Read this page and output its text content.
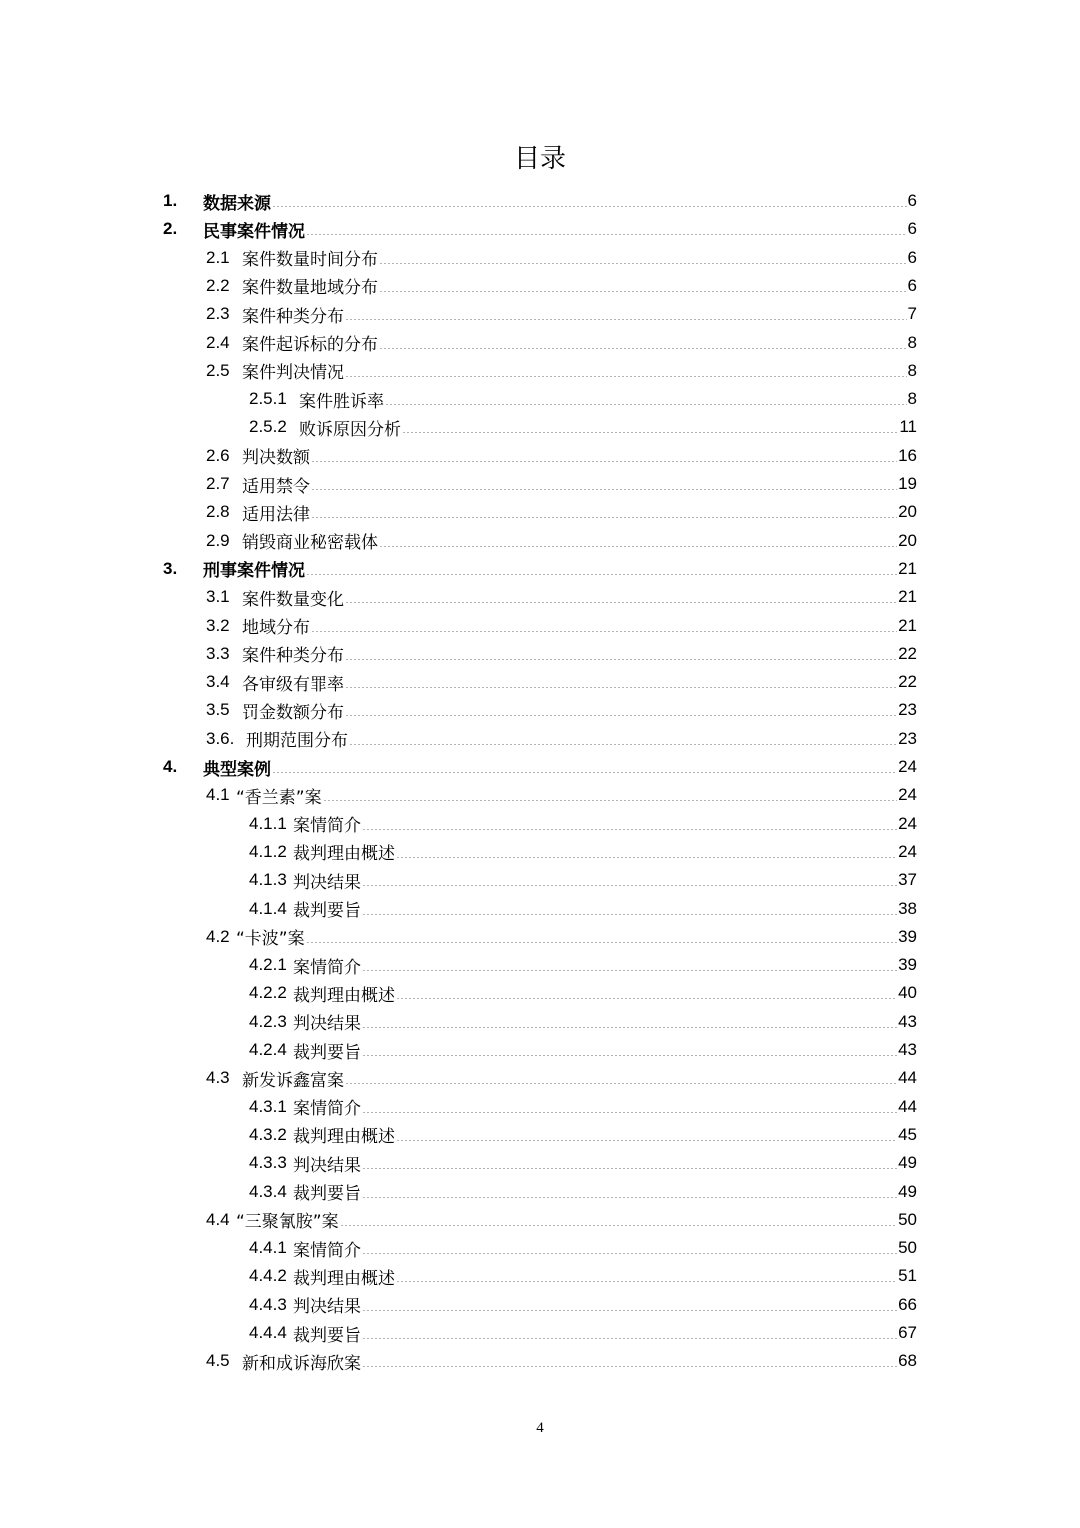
目录
1.	数据来源	6
2.	民事案件情况	6
2.1 案件数量时间分布	6
2.2 案件数量地域分布	6
2.3 案件种类分布	7
2.4 案件起诉标的分布	8
2.5 案件判决情况	8
2.5.1 案件胜诉率	8
2.5.2 败诉原因分析	11
2.6 判决数额	16
2.7 适用禁令	19
2.8 适用法律	20
2.9 销毁商业秘密载体	20
3.	刑事案件情况	21
3.1 案件数量变化	21
3.2 地域分布	21
3.3 案件种类分布	22
3.4 各审级有罪率	22
3.5 罚金数额分布	23
3.6. 刑期范围分布	23
4.	典型案例	24
4.1 “香兰素”案	24
4.1.1 案情简介	24
4.1.2 裁判理由概述	24
4.1.3 判决结果	37
4.1.4 裁判要旨	38
4.2 “卡波”案	39
4.2.1 案情简介	39
4.2.2 裁判理由概述	40
4.2.3 判决结果	43
4.2.4 裁判要旨	43
4.3 新发诉鑫富案	44
4.3.1 案情简介	44
4.3.2 裁判理由概述	45
4.3.3 判决结果	49
4.3.4 裁判要旨	49
4.4 “三聚氰胺”案	50
4.4.1 案情简介	50
4.4.2 裁判理由概述	51
4.4.3 判决结果	66
4.4.4 裁判要旨	67
4.5 新和成诉海欣案	68
4
